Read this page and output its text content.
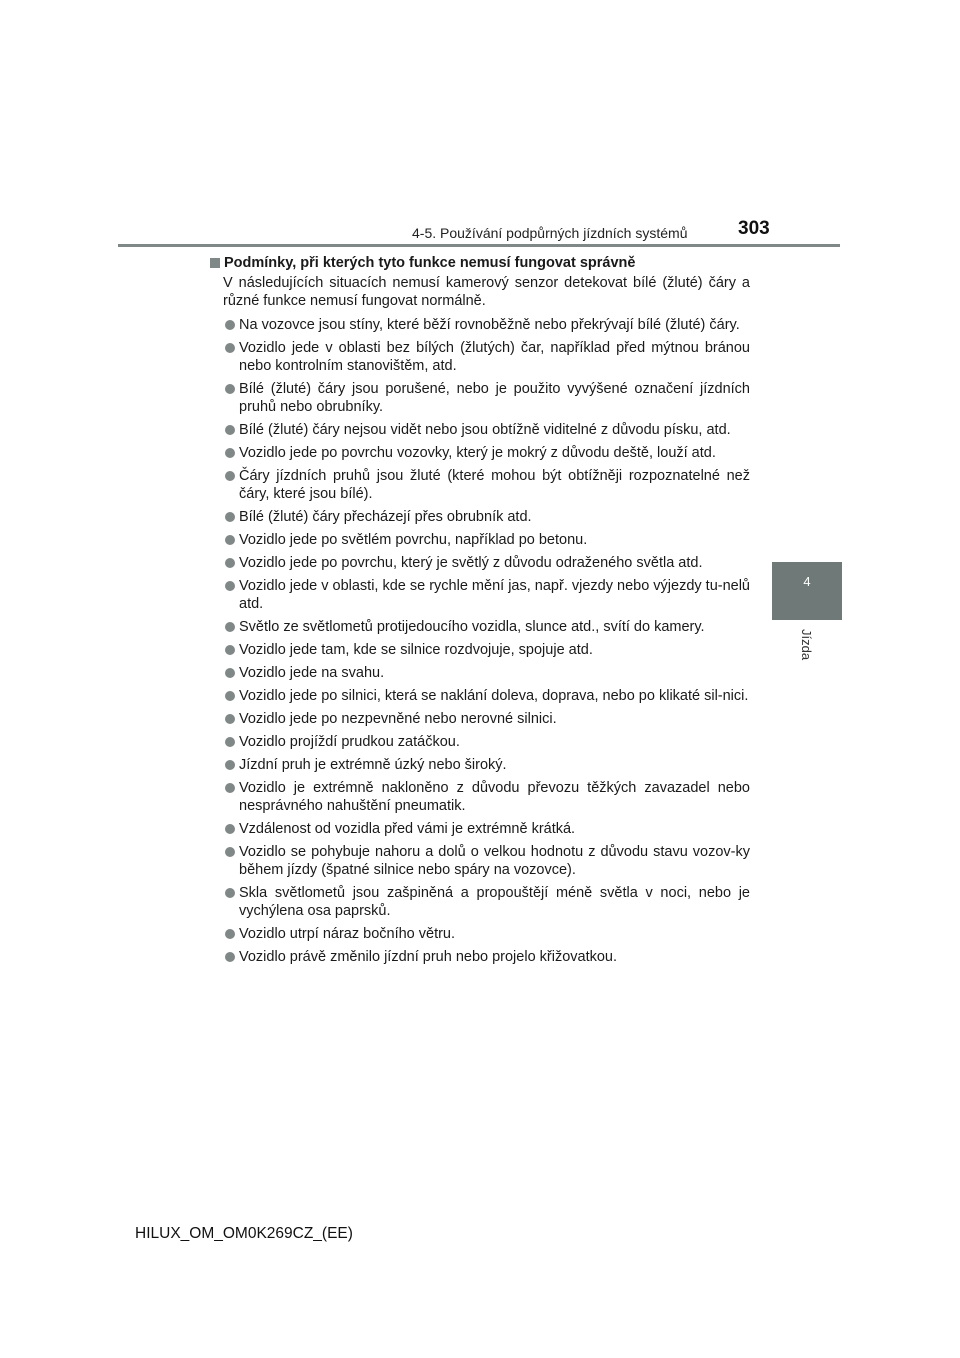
4-5. Používání podpůrných jízdních systémů	303
4
Jízda
Podmínky, při kterých tyto funkce nemusí fungovat správně

V následujících situacích nemusí kamerový senzor detekovat bílé (žluté) čáry a různé funkce nemusí fungovat normálně.

Na vozovce jsou stíny, které běží rovnoběžně nebo překrývají bílé (žluté) čáry.
Vozidlo jede v oblasti bez bílých (žlutých) čar, například před mýtnou bránou nebo kontrolním stanovištěm, atd.
Bílé (žluté) čáry jsou porušené, nebo je použito vyvýšené označení jízdních pruhů nebo obrubníky.
Bílé (žluté) čáry nejsou vidět nebo jsou obtížně viditelné z důvodu písku, atd.
Vozidlo jede po povrchu vozovky, který je mokrý z důvodu deště, louží atd.
Čáry jízdních pruhů jsou žluté (které mohou být obtížněji rozpoznatelné než čáry, které jsou bílé).
Bílé (žluté) čáry přecházejí přes obrubník atd.
Vozidlo jede po světlém povrchu, například po betonu.
Vozidlo jede po povrchu, který je světlý z důvodu odraženého světla atd.
Vozidlo jede v oblasti, kde se rychle mění jas, např. vjezdy nebo výjezdy tu-nelů atd.
Světlo ze světlometů protijedoucího vozidla, slunce atd., svítí do kamery.
Vozidlo jede tam, kde se silnice rozdvojuje, spojuje atd.
Vozidlo jede na svahu.
Vozidlo jede po silnici, která se naklání doleva, doprava, nebo po klikaté sil-nici.
Vozidlo jede po nezpevněné nebo nerovné silnici.
Vozidlo projíždí prudkou zatáčkou.
Jízdní pruh je extrémně úzký nebo široký.
Vozidlo je extrémně nakloněno z důvodu převozu těžkých zavazadel nebo nesprávného nahuštění pneumatik.
Vzdálenost od vozidla před vámi je extrémně krátká.
Vozidlo se pohybuje nahoru a dolů o velkou hodnotu z důvodu stavu vozov-ky během jízdy (špatné silnice nebo spáry na vozovce).
Skla světlometů jsou zašpiněná a propouštějí méně světla v noci, nebo je vychýlena osa paprsků.
Vozidlo utrpí náraz bočního větru.
Vozidlo právě změnilo jízdní pruh nebo projelo křižovatkou.
HILUX_OM_OM0K269CZ_(EE)
